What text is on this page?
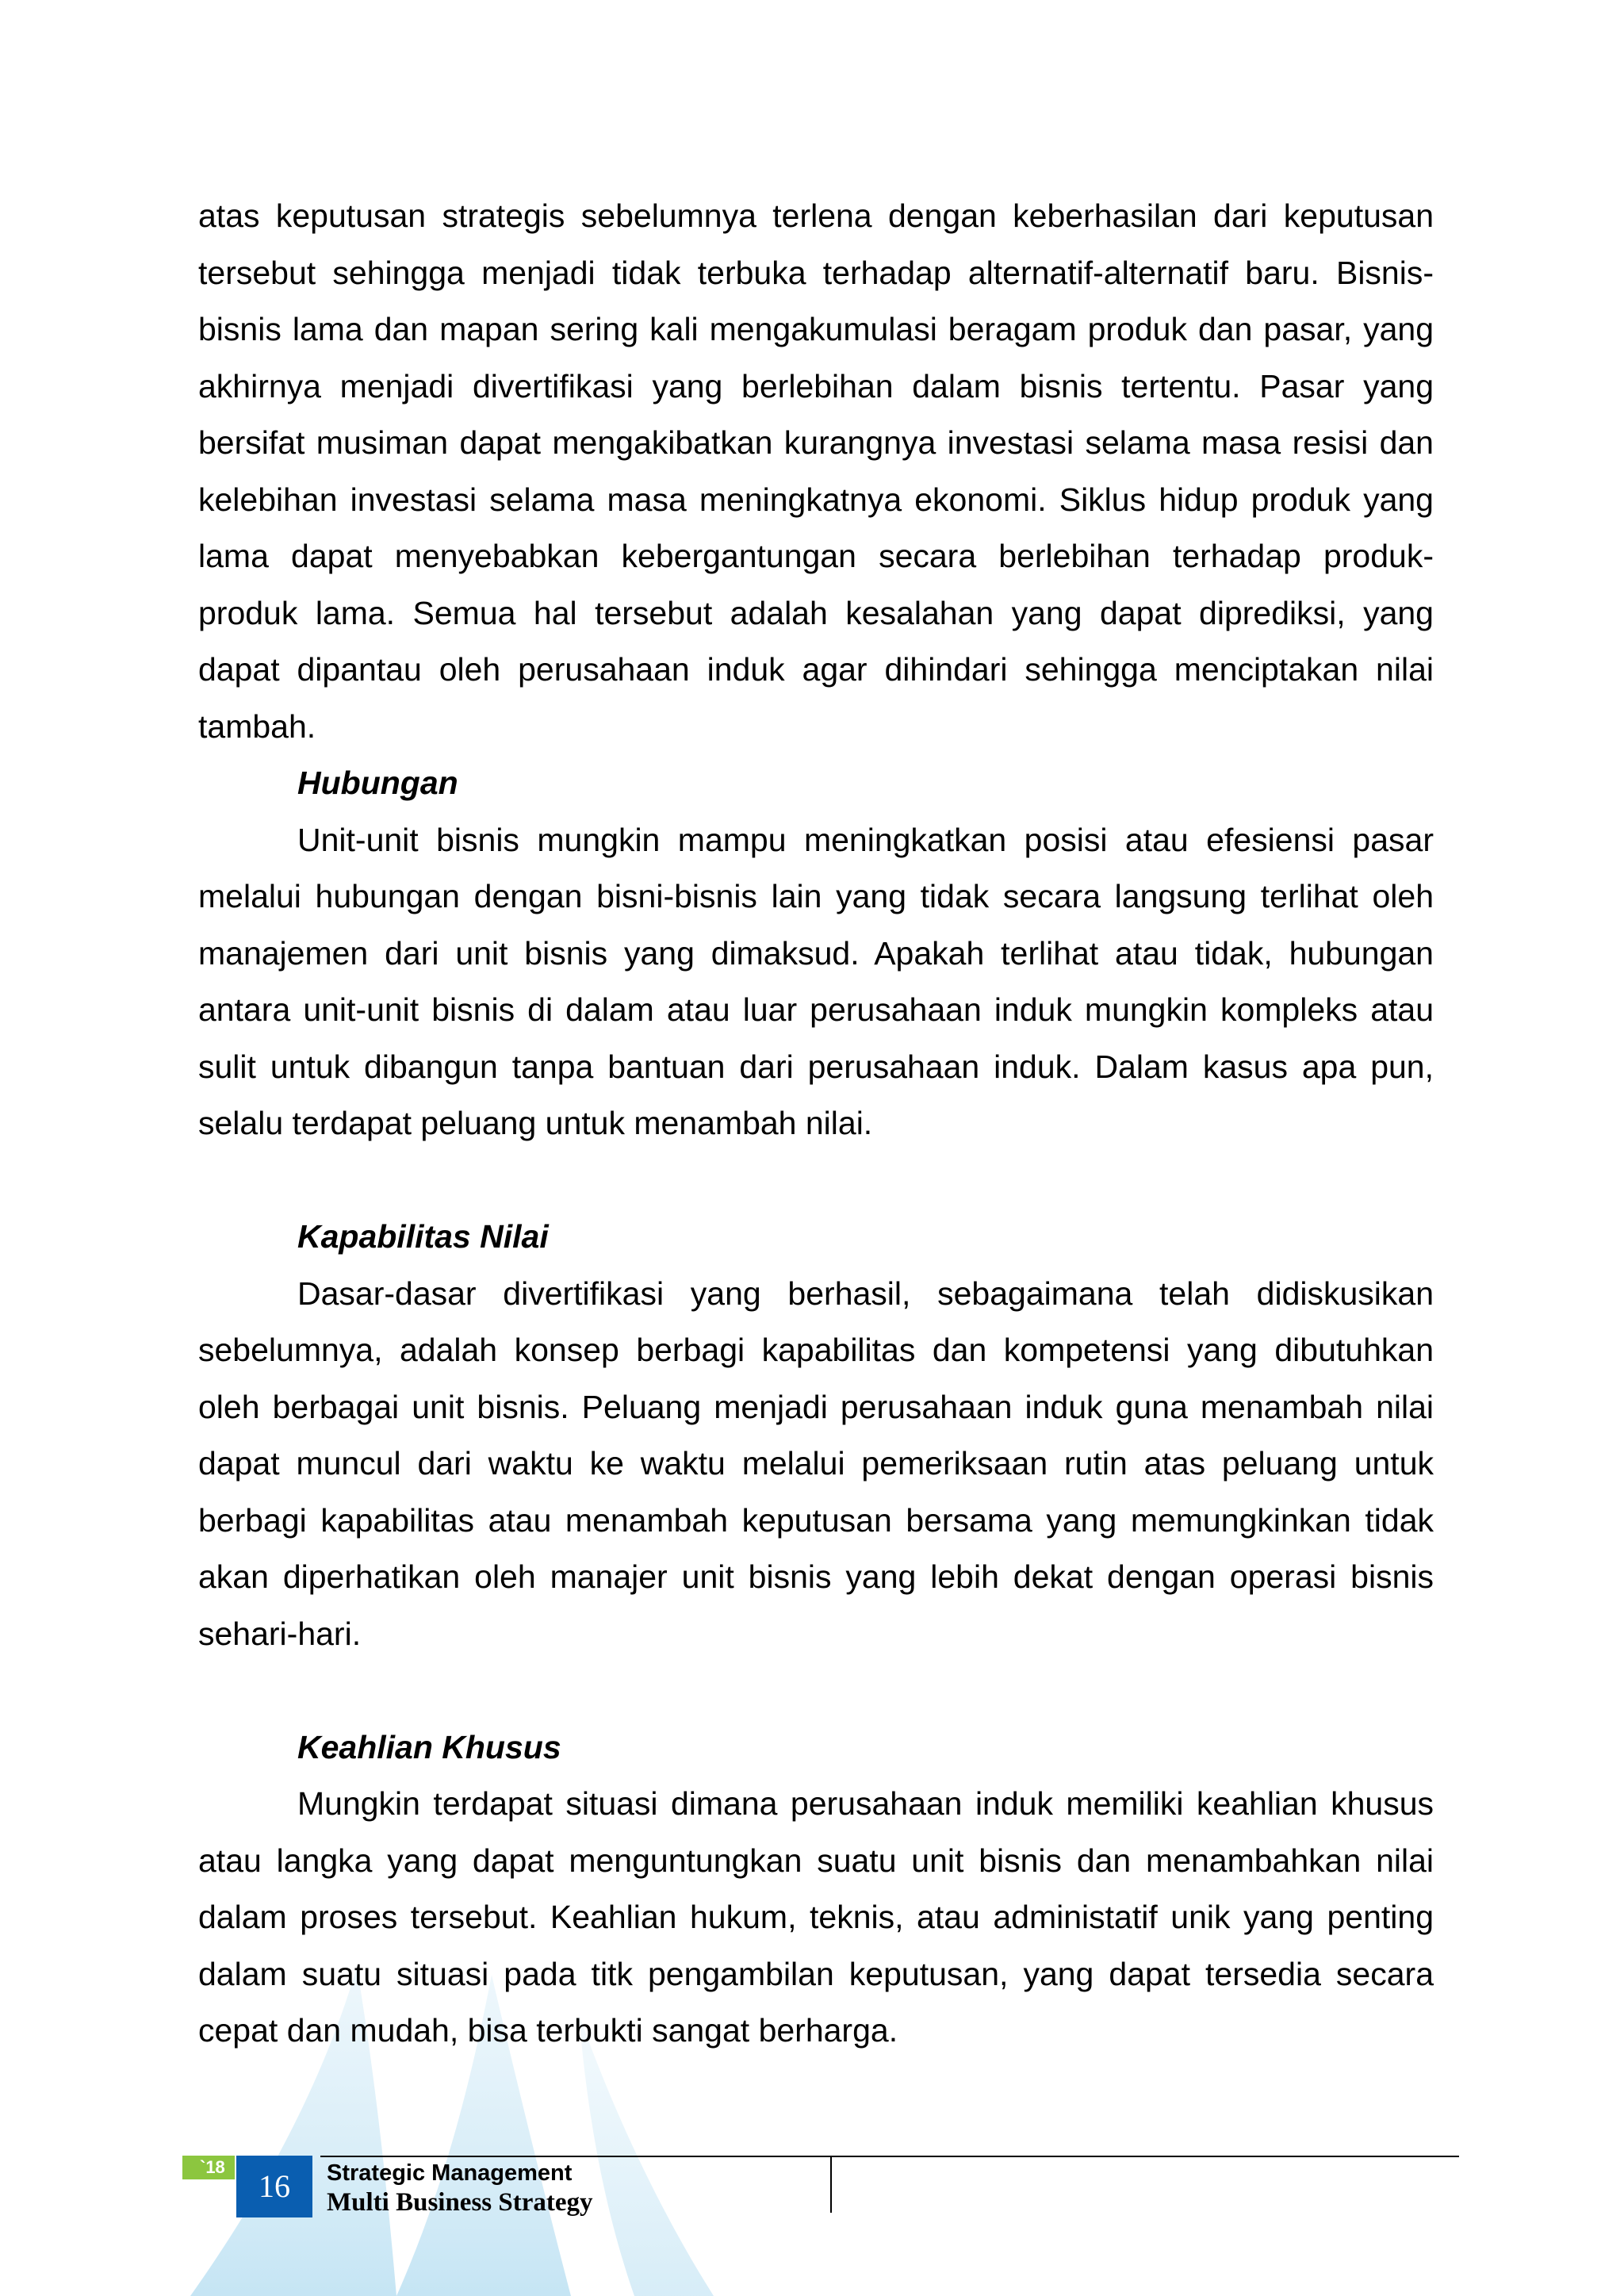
atas keputusan strategis sebelumnya terlena dengan keberhasilan dari keputusan tersebut sehingga menjadi tidak terbuka terhadap alternatif-alternatif baru. Bisnis-bisnis lama dan mapan sering kali mengakumulasi beragam produk dan pasar, yang akhirnya menjadi divertifikasi yang berlebihan dalam bisnis tertentu. Pasar yang bersifat musiman dapat mengakibatkan kurangnya investasi selama masa resisi dan kelebihan investasi selama masa meningkatnya ekonomi. Siklus hidup produk yang lama dapat menyebabkan kebergantungan secara berlebihan terhadap produk-produk lama. Semua hal tersebut adalah kesalahan yang dapat diprediksi, yang dapat dipantau oleh perusahaan induk agar dihindari sehingga menciptakan nilai tambah.

Hubungan

Unit-unit bisnis mungkin mampu meningkatkan posisi atau efesiensi pasar melalui hubungan dengan bisni-bisnis lain yang tidak secara langsung terlihat oleh manajemen dari unit bisnis yang dimaksud. Apakah terlihat atau tidak, hubungan antara unit-unit bisnis di dalam atau luar perusahaan induk mungkin kompleks atau sulit untuk dibangun tanpa bantuan dari perusahaan induk. Dalam kasus apa pun, selalu terdapat peluang untuk menambah nilai.

Kapabilitas Nilai

Dasar-dasar divertifikasi yang berhasil, sebagaimana telah didiskusikan sebelumnya, adalah konsep berbagi kapabilitas dan kompetensi yang dibutuhkan oleh berbagai unit bisnis. Peluang menjadi perusahaan induk guna menambah nilai dapat muncul dari waktu ke waktu melalui pemeriksaan rutin atas peluang untuk berbagi kapabilitas atau menambah keputusan bersama yang memungkinkan tidak akan diperhatikan oleh manajer unit bisnis yang lebih dekat dengan operasi bisnis sehari-hari.

Keahlian Khusus

Mungkin terdapat situasi dimana perusahaan induk memiliki keahlian khusus atau langka yang dapat menguntungkan suatu unit bisnis dan menambahkan nilai dalam proses tersebut. Keahlian hukum, teknis, atau administatif unik yang penting dalam suatu situasi pada titk pengambilan keputusan, yang dapat tersedia secara cepat dan mudah, bisa terbukti sangat berharga.

`18
16	Strategic Management
Multi Business Strategy
